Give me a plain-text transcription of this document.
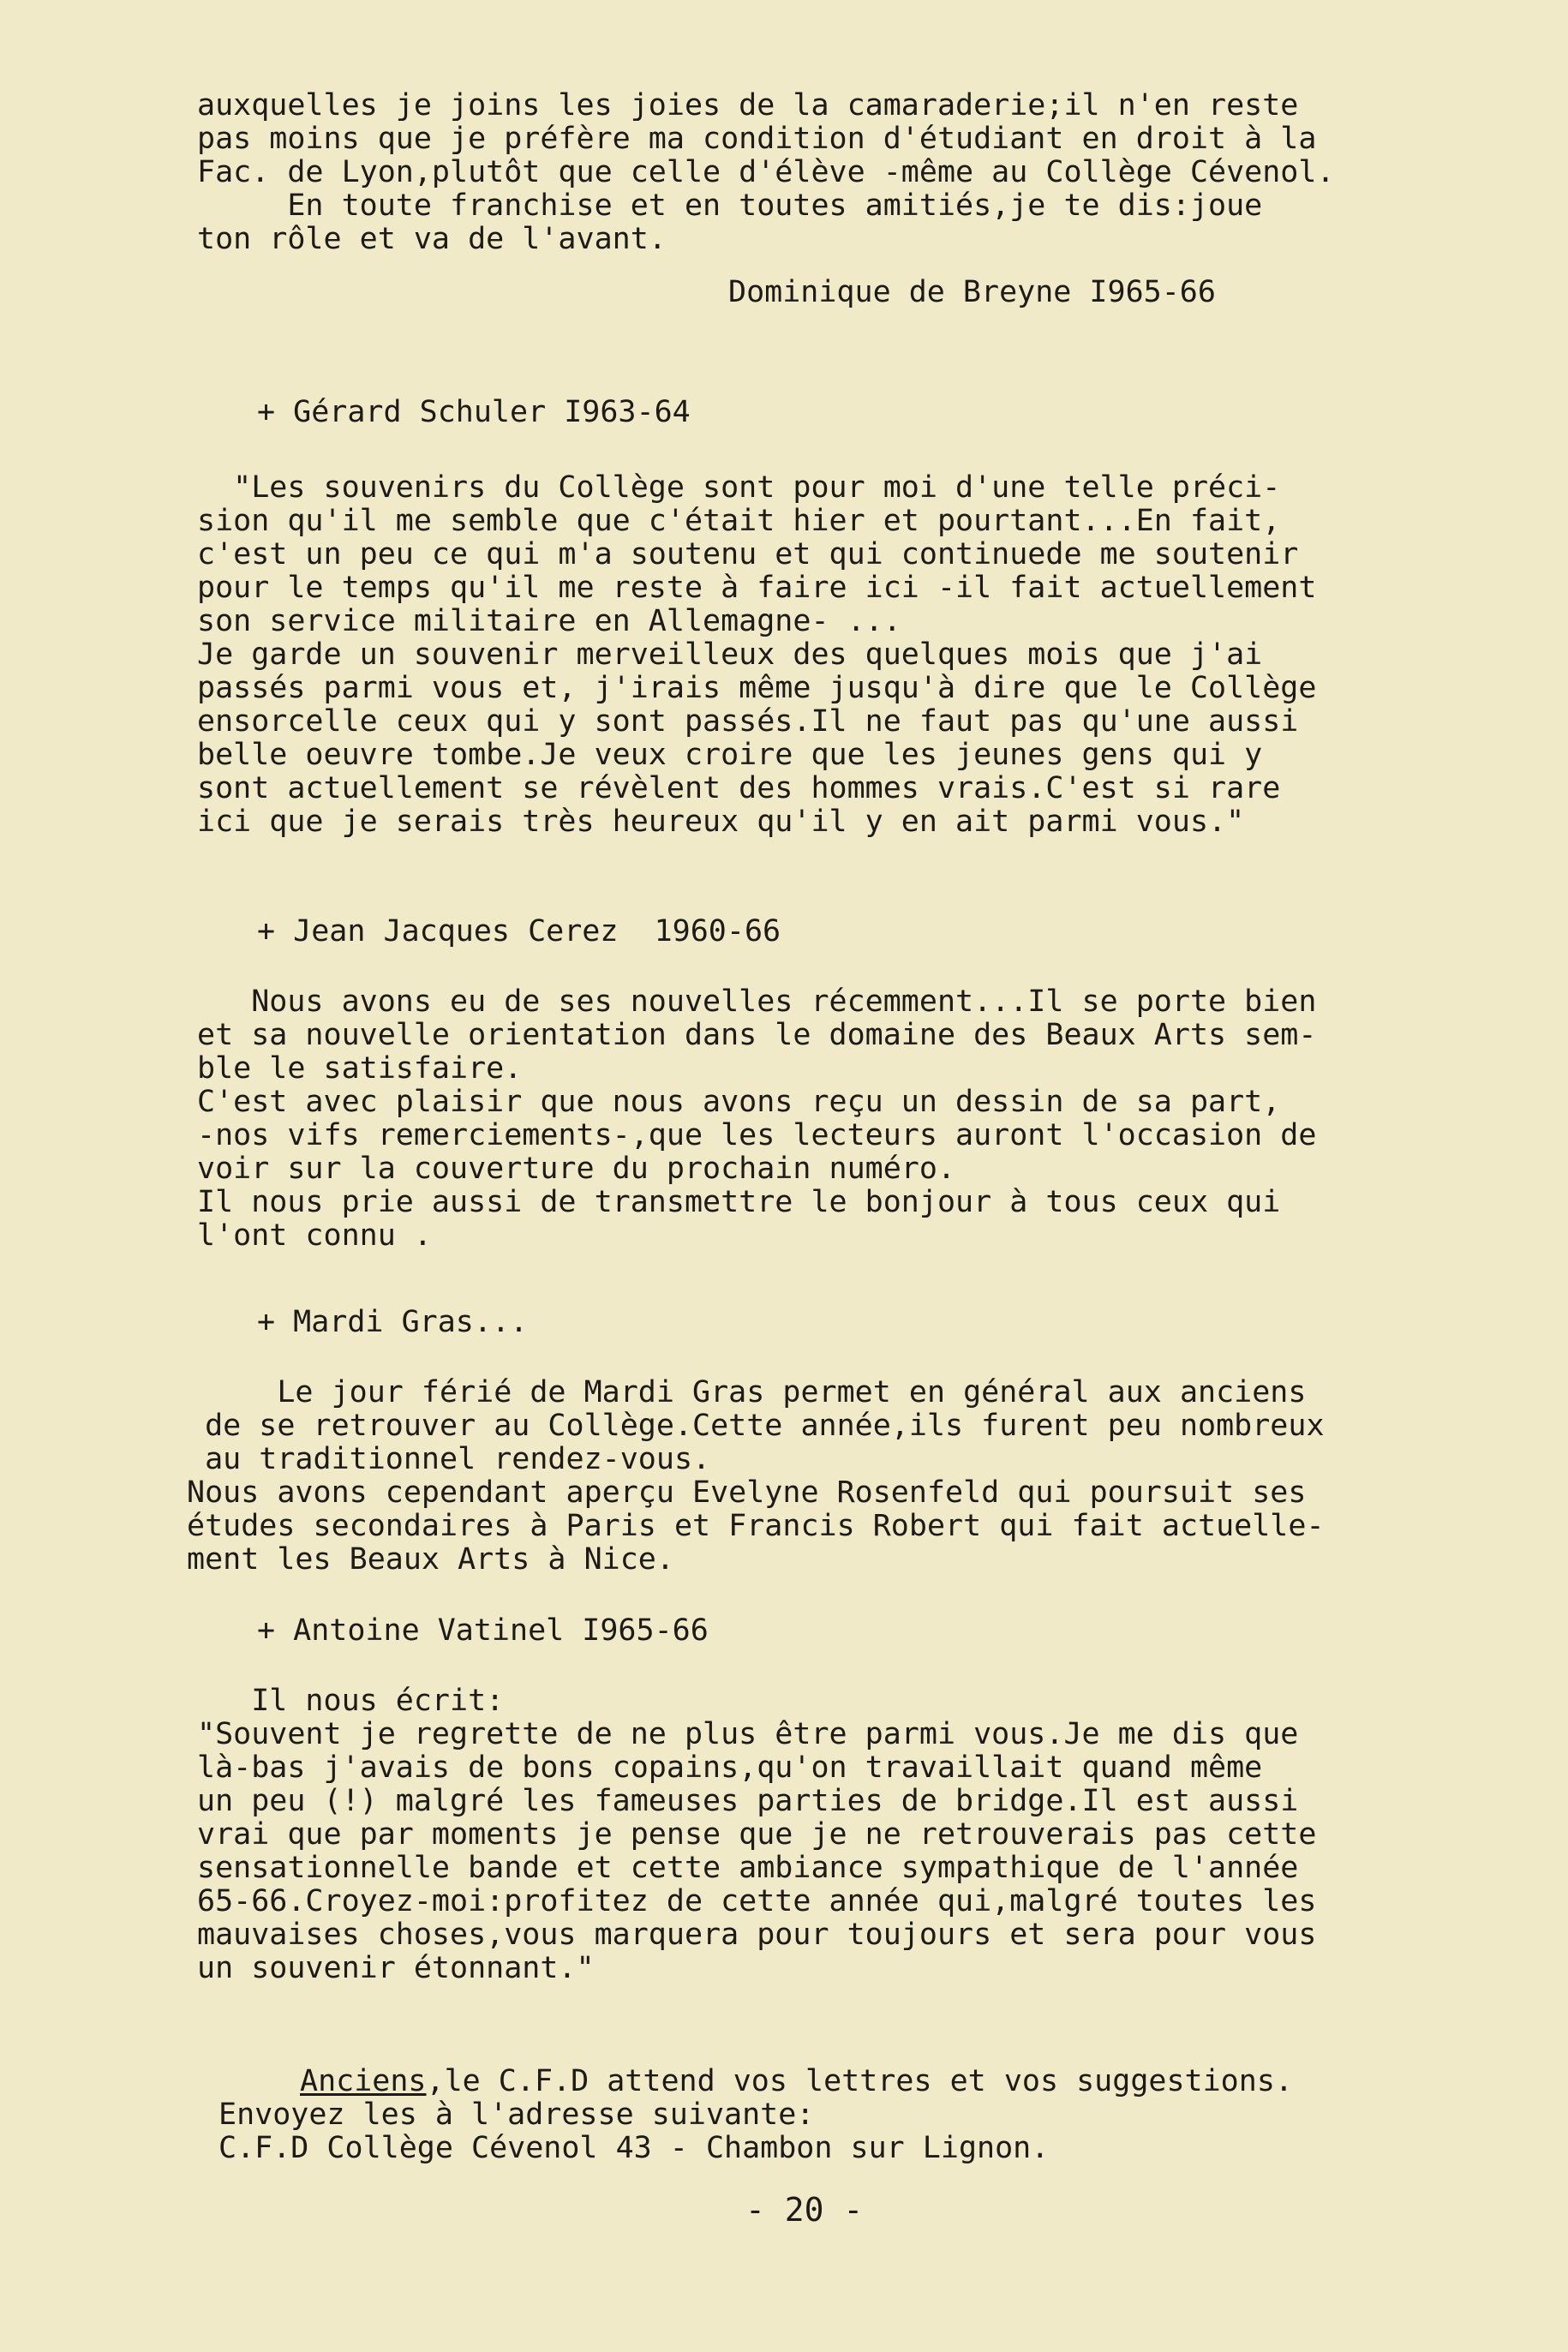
auxquelles je joins les joies de la camaraderie;il n'en reste
pas moins que je préfère ma condition d'étudiant en droit à la
Fac. de Lyon,plutôt que celle d'élève -même au Collège Cévenol.
En toute franchise et en toutes amitiés,je te dis:joue
ton rôle et va de l'avant.
Dominique de Breyne I965-66
+ Gérard Schuler I963-64
"Les souvenirs du Collège sont pour moi d'une telle préci-
sion qu'il me semble que c'était hier et pourtant...En fait,
c'est un peu ce qui m'a soutenu et qui continuede me soutenir
pour le temps qu'il me reste à faire ici -il fait actuellement
son service militaire en Allemagne- ...
Je garde un souvenir merveilleux des quelques mois que j'ai
passés parmi vous et, j'irais même jusqu'à dire que le Collège
ensorcelle ceux qui y sont passés.Il ne faut pas qu'une aussi
belle oeuvre tombe.Je veux croire que les jeunes gens qui y
sont actuellement se révèlent des hommes vrais.C'est si rare
ici que je serais très heureux qu'il y en ait parmi vous."
+ Jean Jacques Cerez  1960-66
Nous avons eu de ses nouvelles récemment...Il se porte bien
et sa nouvelle orientation dans le domaine des Beaux Arts sem-
ble le satisfaire.
C'est avec plaisir que nous avons reçu un dessin de sa part,
-nos vifs remerciements-,que les lecteurs auront l'occasion de
voir sur la couverture du prochain numéro.
Il nous prie aussi de transmettre le bonjour à tous ceux qui
l'ont connu .
+ Mardi Gras...
Le jour férié de Mardi Gras permet en général aux anciens
de se retrouver au Collège.Cette année,ils furent peu nombreux
au traditionnel rendez-vous.
Nous avons cependant aperçu Evelyne Rosenfeld qui poursuit ses
études secondaires à Paris et Francis Robert qui fait actuelle-
ment les Beaux Arts à Nice.
+ Antoine Vatinel I965-66
Il nous écrit:
"Souvent je regrette de ne plus être parmi vous.Je me dis que
là-bas j'avais de bons copains,qu'on travaillait quand même
un peu (!) malgré les fameuses parties de bridge.Il est aussi
vrai que par moments je pense que je ne retrouverais pas cette
sensationnelle bande et cette ambiance sympathique de l'année
65-66.Croyez-moi:profitez de cette année qui,malgré toutes les
mauvaises choses,vous marquera pour toujours et sera pour vous
un souvenir étonnant."
Anciens,le C.F.D attend vos lettres et vos suggestions.
Envoyez les à l'adresse suivante:
C.F.D Collège Cévenol 43 - Chambon sur Lignon.
- 20 -
